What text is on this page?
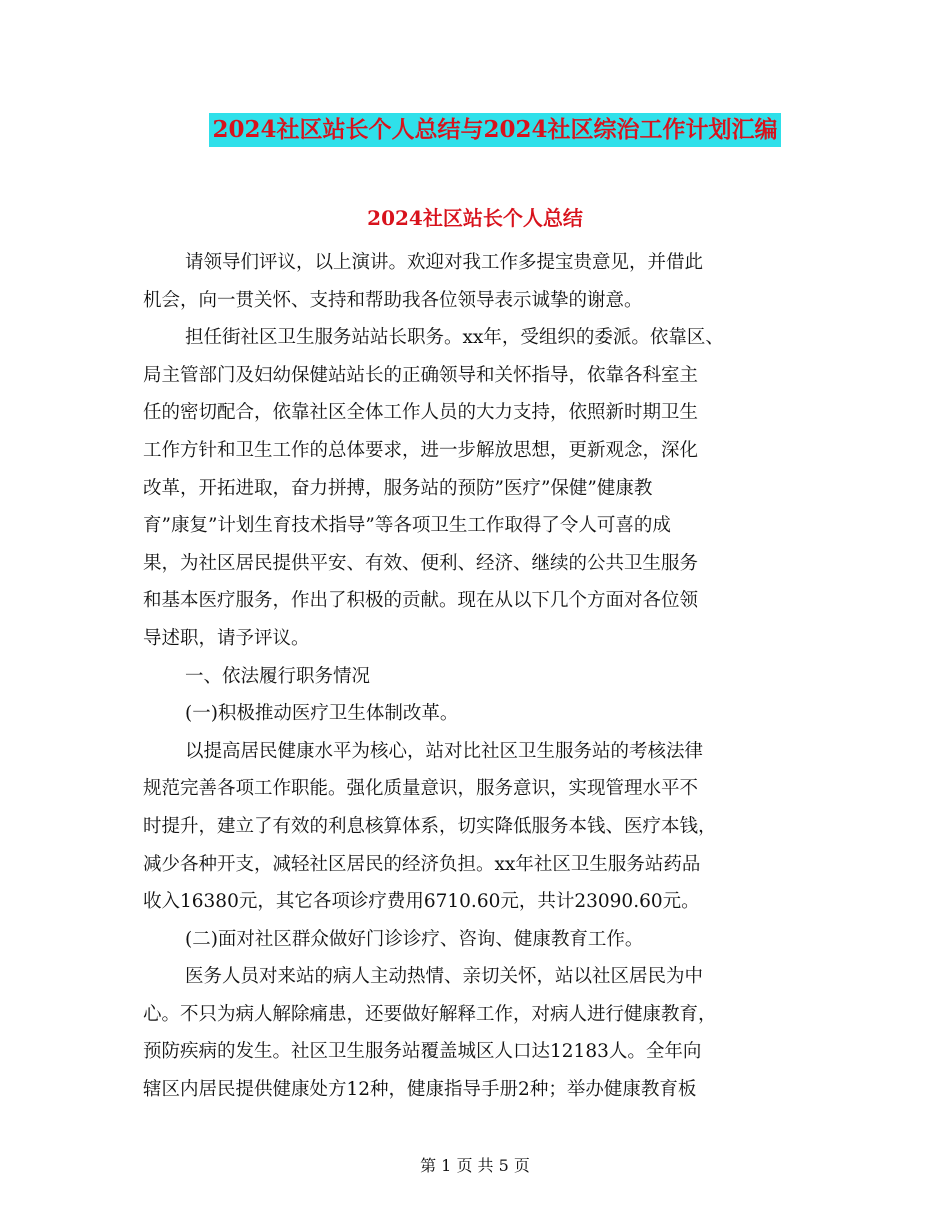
2024社区站长个人总结与2024社区综治工作计划汇编
2024社区站长个人总结
请领导们评议，以上演讲。欢迎对我工作多提宝贵意见，并借此
机会，向一贯关怀、支持和帮助我各位领导表示诚挚的谢意。
担任街社区卫生服务站站长职务。xx年，受组织的委派。依靠区、
局主管部门及妇幼保健站站长的正确领导和关怀指导，依靠各科室主
任的密切配合，依靠社区全体工作人员的大力支持，依照新时期卫生
工作方针和卫生工作的总体要求，进一步解放思想，更新观念，深化
改革，开拓进取，奋力拼搏，服务站的预防”医疗”保健”健康教
育”康复”计划生育技术指导”等各项卫生工作取得了令人可喜的成
果，为社区居民提供平安、有效、便利、经济、继续的公共卫生服务
和基本医疗服务，作出了积极的贡献。现在从以下几个方面对各位领
导述职，请予评议。
一、依法履行职务情况
(一)积极推动医疗卫生体制改革。
以提高居民健康水平为核心，站对比社区卫生服务站的考核法律
规范完善各项工作职能。强化质量意识，服务意识，实现管理水平不
时提升，建立了有效的利息核算体系，切实降低服务本钱、医疗本钱，
减少各种开支，减轻社区居民的经济负担。xx年社区卫生服务站药品
收入16380元，其它各项诊疗费用6710.60元，共计23090.60元。
(二)面对社区群众做好门诊诊疗、咨询、健康教育工作。
医务人员对来站的病人主动热情、亲切关怀，站以社区居民为中
心。不只为病人解除痛患，还要做好解释工作，对病人进行健康教育，
预防疾病的发生。社区卫生服务站覆盖城区人口达12183人。全年向
辖区内居民提供健康处方12种，健康指导手册2种；举办健康教育板
第 1 页 共 5 页
